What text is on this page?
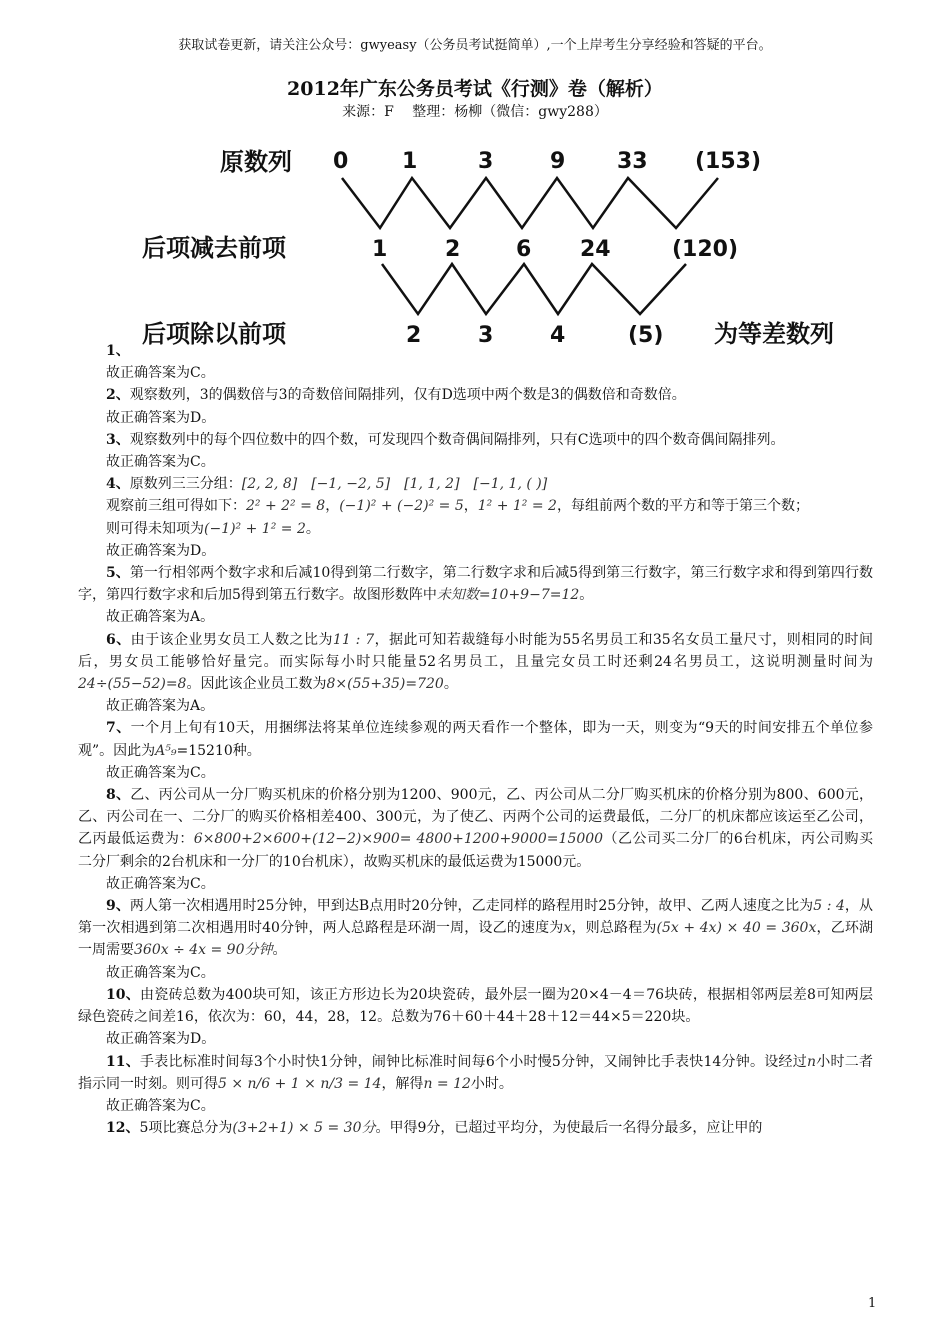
获取试卷更新，请关注公众号：gwyeasy（公务员考试挺简单）,一个上岸考生分享经验和答疑的平台。
2012年广东公务员考试《行测》卷（解析）
来源：F　 整理：杨柳（微信：gwy288）
原数列 0 1	3	9 33 (153)
后项减去前项	1	2	6 24	(120)
后项除以前项	2	3	4	(5) 为等差数列

1、

故正确答案为C。

2、观察数列，3的偶数倍与3的奇数倍间隔排列，仅有D选项中两个数是3的偶数倍和奇数倍。

故正确答案为D。

3、观察数列中的每个四位数中的四个数，可发现四个数奇偶间隔排列，只有C选项中的四个数奇偶间隔排列。

故正确答案为C。

4、原数列三三分组：[2, 2, 8]　[−1, −2, 5]　[1, 1, 2]　[−1, 1, ( )]

观察前三组可得如下：2² + 2² = 8，(−1)² + (−2)² = 5，1² + 1² = 2，每组前两个数的平方和等于第三个数；

则可得未知项为(−1)² + 1² = 2。

故正确答案为D。

5、第一行相邻两个数字求和后减10得到第二行数字，第二行数字求和后减5得到第三行数字，第三行数字求和得到第四行数字，第四行数字求和后加5得到第五行数字。故图形数阵中未知数=10+9−7=12。

故正确答案为A。

6、由于该企业男女员工人数之比为11 : 7，据此可知若裁缝每小时能为55名男员工和35名女员工量尺寸，则相同的时间后，男女员工能够恰好量完。而实际每小时只能量52名男员工，且量完女员工时还剩24名男员工，这说明测量时间为24÷(55−52)=8。因此该企业员工数为8×(55+35)=720。

故正确答案为A。

7、一个月上旬有10天，用捆绑法将某单位连续参观的两天看作一个整体，即为一天，则变为“9天的时间安排五个单位参观”。因此为A⁵₉=15210种。

故正确答案为C。

8、乙、丙公司从一分厂购买机床的价格分别为1200、900元，乙、丙公司从二分厂购买机床的价格分别为800、600元，乙、丙公司在一、二分厂的购买价格相差400、300元，为了使乙、丙两个公司的运费最低，二分厂的机床都应该运至乙公司，乙丙最低运费为：6×800+2×600+(12−2)×900= 4800+1200+9000=15000（乙公司买二分厂的6台机床，丙公司购买二分厂剩余的2台机床和一分厂的10台机床），故购买机床的最低运费为15000元。

故正确答案为C。

9、两人第一次相遇用时25分钟，甲到达B点用时20分钟，乙走同样的路程用时25分钟，故甲、乙两人速度之比为5 : 4，从第一次相遇到第二次相遇用时40分钟，两人总路程是环湖一周，设乙的速度为x，则总路程为(5x + 4x) × 40 = 360x，乙环湖一周需要360x ÷ 4x = 90分钟。

故正确答案为C。

10、由瓷砖总数为400块可知，该正方形边长为20块瓷砖，最外层一圈为20×4－4＝76块砖，根据相邻两层差8可知两层绿色瓷砖之间差16，依次为：60，44，28，12。总数为76＋60＋44＋28＋12＝44×5＝220块。

故正确答案为D。

11、手表比标准时间每3个小时快1分钟，闹钟比标准时间每6个小时慢5分钟，又闹钟比手表快14分钟。设经过n小时二者指示同一时刻。则可得5 × n/6 + 1 × n/3 = 14，解得n = 12小时。

故正确答案为C。

12、5项比赛总分为(3+2+1) × 5 = 30分。甲得9分，已超过平均分，为使最后一名得分最多，应让甲的

1
